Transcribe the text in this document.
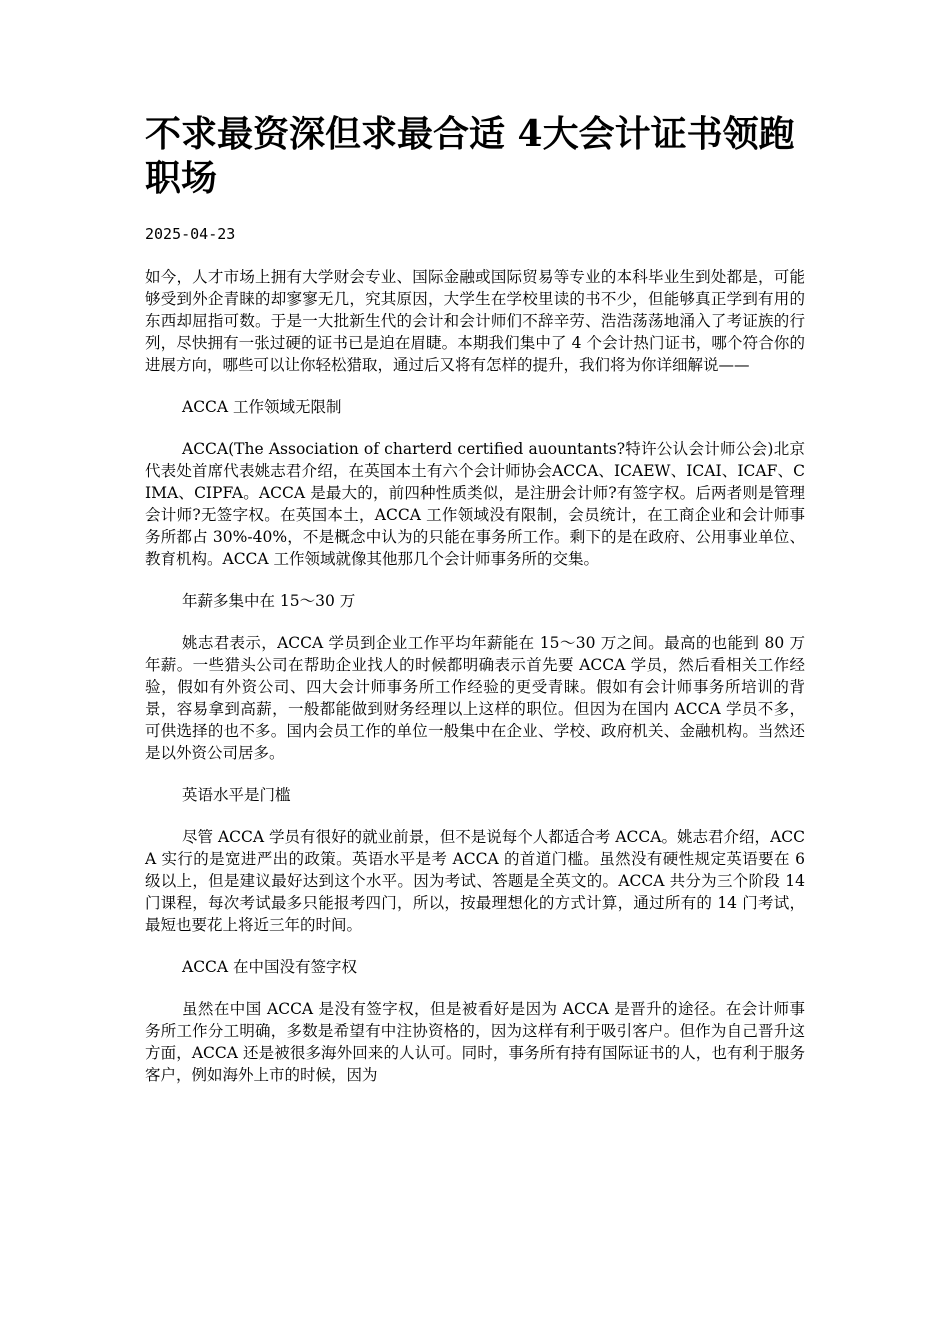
不求最资深但求最合适 4大会计证书领跑职场
2025-04-23

如今，人才市场上拥有大学财会专业、国际金融或国际贸易等专业的本科毕业生到处都是，可能够受到外企青睐的却寥寥无几，究其原因，大学生在学校里读的书不少，但能够真正学到有用的东西却屈指可数。于是一大批新生代的会计和会计师们不辞辛劳、浩浩荡荡地涌入了考证族的行列，尽快拥有一张过硬的证书已是迫在眉睫。本期我们集中了 4 个会计热门证书，哪个符合你的进展方向，哪些可以让你轻松猎取，通过后又将有怎样的提升，我们将为你详细解说——

ACCA 工作领域无限制

ACCA(The Association of charterd certified auountants?特许公认会计师公会)北京代表处首席代表姚志君介绍，在英国本土有六个会计师协会ACCA、ICAEW、ICAI、ICAF、CIMA、CIPFA。ACCA 是最大的，前四种性质类似，是注册会计师?有签字权。后两者则是管理会计师?无签字权。在英国本土，ACCA 工作领域没有限制，会员统计，在工商企业和会计师事务所都占 30%-40%，不是概念中认为的只能在事务所工作。剩下的是在政府、公用事业单位、教育机构。ACCA 工作领域就像其他那几个会计师事务所的交集。

年薪多集中在 15～30 万

姚志君表示，ACCA 学员到企业工作平均年薪能在 15～30 万之间。最高的也能到 80 万年薪。一些猎头公司在帮助企业找人的时候都明确表示首先要 ACCA 学员，然后看相关工作经验，假如有外资公司、四大会计师事务所工作经验的更受青睐。假如有会计师事务所培训的背景，容易拿到高薪，一般都能做到财务经理以上这样的职位。但因为在国内 ACCA 学员不多，可供选择的也不多。国内会员工作的单位一般集中在企业、学校、政府机关、金融机构。当然还是以外资公司居多。

英语水平是门槛

尽管 ACCA 学员有很好的就业前景，但不是说每个人都适合考 ACCA。姚志君介绍，ACCA 实行的是宽进严出的政策。英语水平是考 ACCA 的首道门槛。虽然没有硬性规定英语要在 6 级以上，但是建议最好达到这个水平。因为考试、答题是全英文的。ACCA 共分为三个阶段 14 门课程，每次考试最多只能报考四门，所以，按最理想化的方式计算，通过所有的 14 门考试，最短也要花上将近三年的时间。

ACCA 在中国没有签字权

虽然在中国 ACCA 是没有签字权，但是被看好是因为 ACCA 是晋升的途径。在会计师事务所工作分工明确，多数是希望有中注协资格的，因为这样有利于吸引客户。但作为自己晋升这方面，ACCA 还是被很多海外回来的人认可。同时，事务所有持有国际证书的人，也有利于服务客户，例如海外上市的时候，因为
